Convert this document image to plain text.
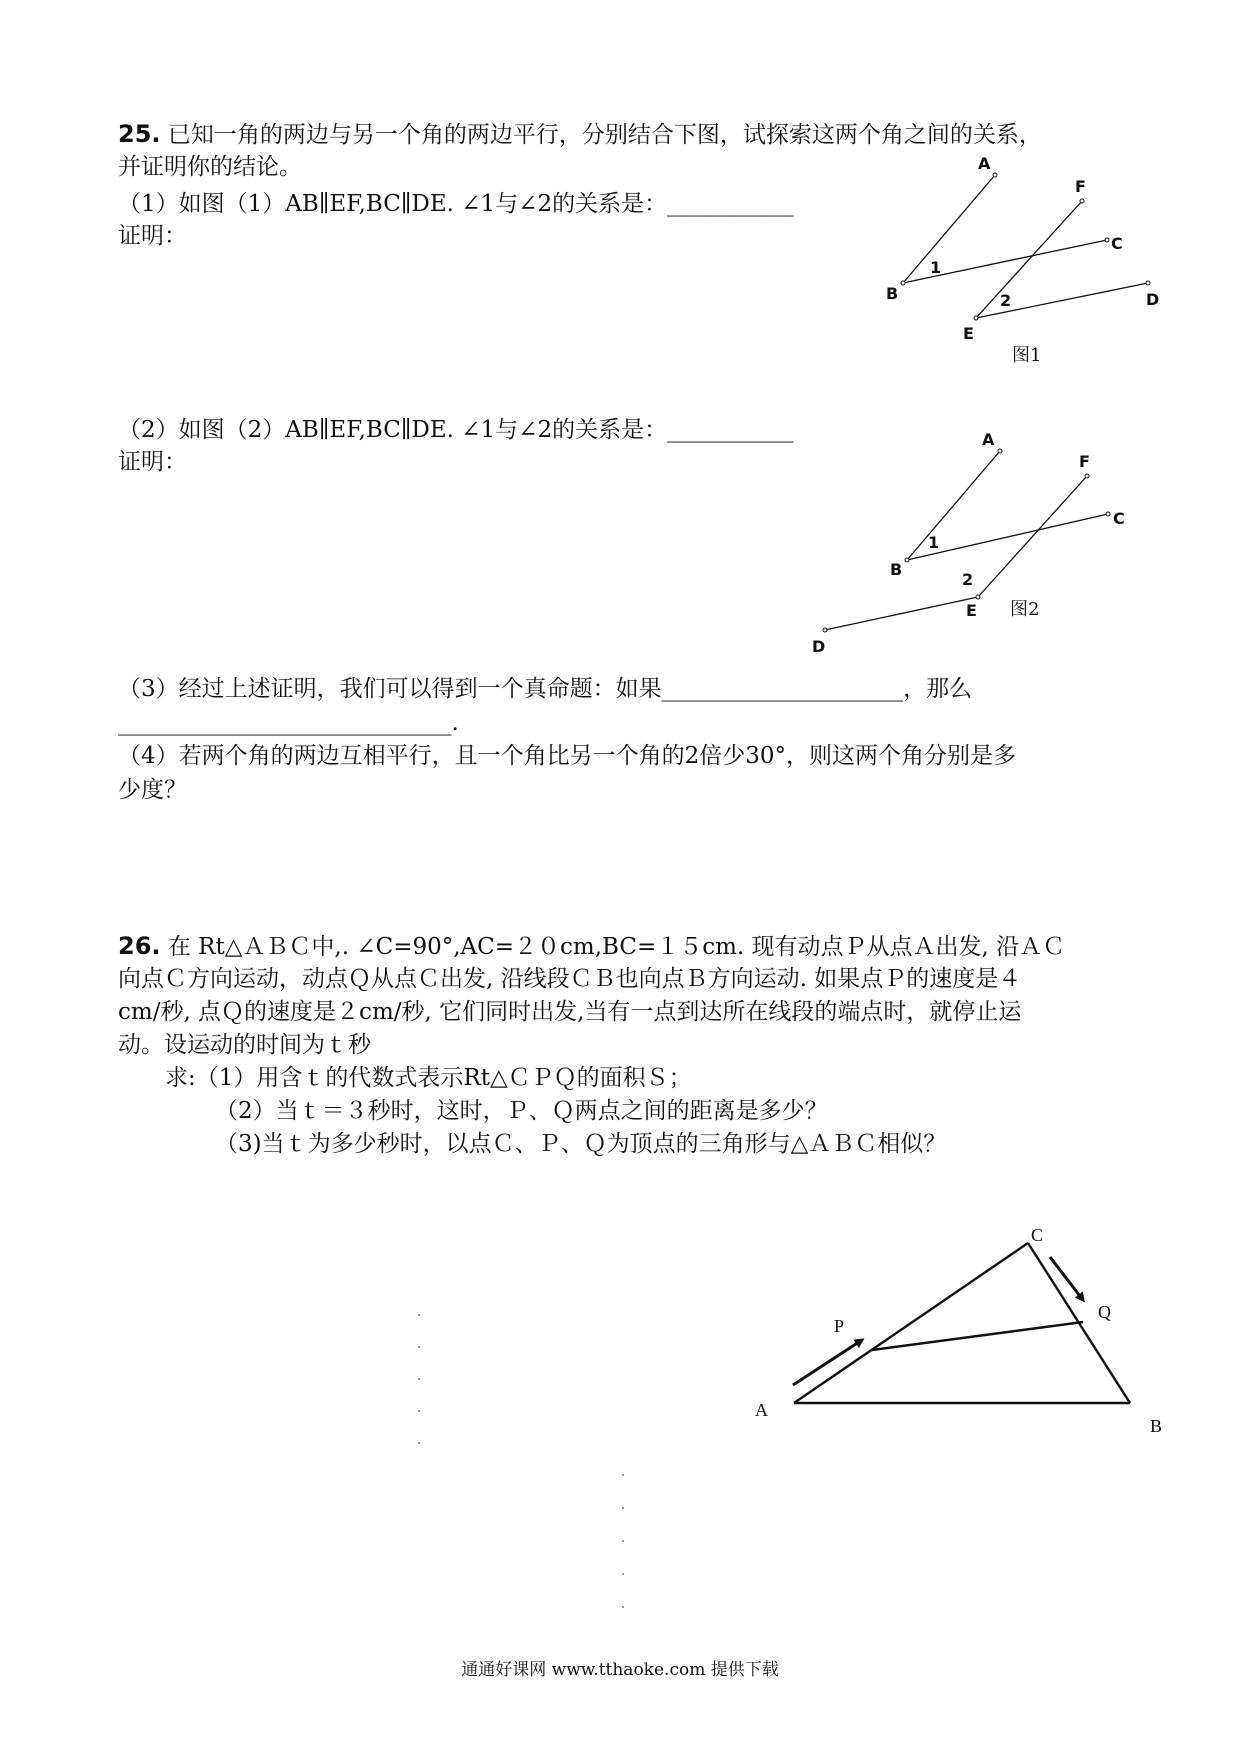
25. 已知一角的两边与另一个角的两边平行，分别结合下图，试探索这两个角之间的关系，
并证明你的结论。
（1）如图（1）AB∥EF,BC∥DE. ∠1与∠2的关系是：___________
证明：
A
F
C
B
1
2	D
E
图1
（2）如图（2）AB∥EF,BC∥DE. ∠1与∠2的关系是：___________
证明：
A
F
C
B
1
2
E
D
图2
（3）经过上述证明，我们可以得到一个真命题：如果_____________________，那么
_____________________________.
（4）若两个角的两边互相平行，且一个角比另一个角的2倍少30°，则这两个角分别是多
少度？
26. 在 Rt△ＡＢＣ中,. ∠C=90°,AC=２０cm,BC=１５cm. 现有动点Ｐ从点Ａ出发, 沿ＡＣ
向点Ｃ方向运动，动点Ｑ从点Ｃ出发, 沿线段ＣＢ也向点Ｂ方向运动. 如果点Ｐ的速度是４
cm/秒, 点Ｑ的速度是２cm/秒, 它们同时出发,当有一点到达所在线段的端点时，就停止运
动。设运动的时间为ｔ秒
求:（1）用含ｔ的代数式表示Rt△ＣＰＱ的面积Ｓ；
（2）当ｔ＝３秒时，这时，Ｐ、Ｑ两点之间的距离是多少？
（3)当ｔ为多少秒时，以点Ｃ、Ｐ、Ｑ为顶点的三角形与△ＡＢＣ相似？
C
Q
P
A
B
通通好课网 www.tthaoke.com 提供下载
